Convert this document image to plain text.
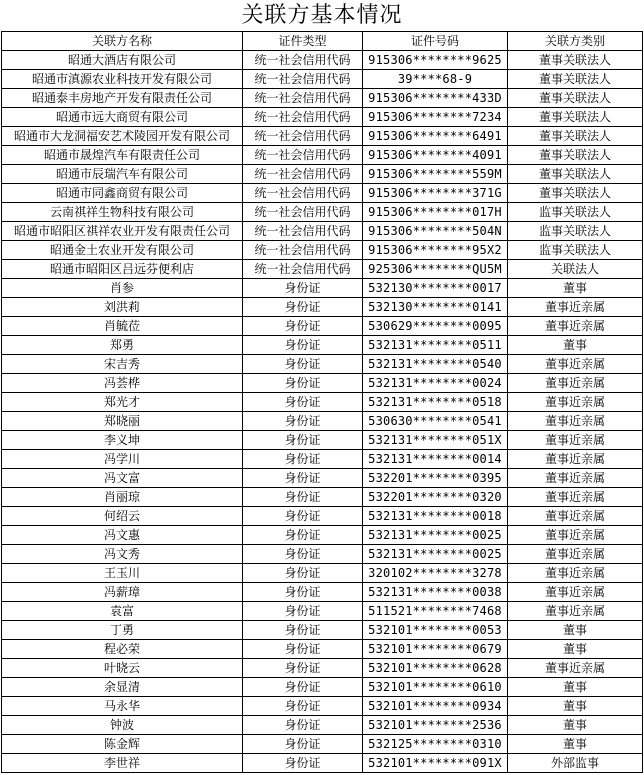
关联方基本情况
关联方名称	证件类型	证件号码	关联方类别
昭通大酒店有限公司	统一社会信用代码	915306********9625	董事关联法人
昭通市滇源农业科技开发有限公司	统一社会信用代码	39****68-9	董事关联法人
昭通泰丰房地产开发有限责任公司	统一社会信用代码	915306********433D	董事关联法人
昭通市远大商贸有限公司	统一社会信用代码	915306********7234	董事关联法人
昭通市大龙洞福安艺术陵园开发有限公司	统一社会信用代码	915306********6491	董事关联法人
昭通市晟煌汽车有限责任公司	统一社会信用代码	915306********4091	董事关联法人
昭通市辰瑞汽车有限公司	统一社会信用代码	915306********559M	董事关联法人
昭通市同鑫商贸有限公司	统一社会信用代码	915306********371G	董事关联法人
云南祺祥生物科技有限公司	统一社会信用代码	915306********017H	监事关联法人
昭通市昭阳区祺祥农业开发有限责任公司	统一社会信用代码	915306********504N	监事关联法人
昭通金土农业开发有限公司	统一社会信用代码	915306********95X2	监事关联法人
昭通市昭阳区吕远芬便利店	统一社会信用代码	925306********QU5M	关联法人
肖参	身份证	532130********0017	董事
刘洪莉	身份证	532130********0141	董事近亲属
肖毓莅	身份证	530629********0095	董事近亲属
郑勇	身份证	532131********0511	董事
宋吉秀	身份证	532131********0540	董事近亲属
冯荟桦	身份证	532131********0024	董事近亲属
郑光才	身份证	532131********0518	董事近亲属
郑晓丽	身份证	530630********0541	董事近亲属
李义坤	身份证	532131********051X	董事近亲属
冯学川	身份证	532131********0014	董事近亲属
冯文富	身份证	532201********0395	董事近亲属
肖丽琼	身份证	532201********0320	董事近亲属
何绍云	身份证	532131********0018	董事近亲属
冯文惠	身份证	532131********0025	董事近亲属
冯文秀	身份证	532131********0025	董事近亲属
王玉川	身份证	320102********3278	董事近亲属
冯薪璋	身份证	532131********0038	董事近亲属
袁富	身份证	511521********7468	董事近亲属
丁勇	身份证	532101********0053	董事
程必荣	身份证	532101********0679	董事
叶晓云	身份证	532101********0628	董事近亲属
余显清	身份证	532101********0610	董事
马永华	身份证	532101********0934	董事
钟波	身份证	532101********2536	董事
陈金辉	身份证	532125********0310	董事
李世祥	身份证	532101********091X	外部监事
